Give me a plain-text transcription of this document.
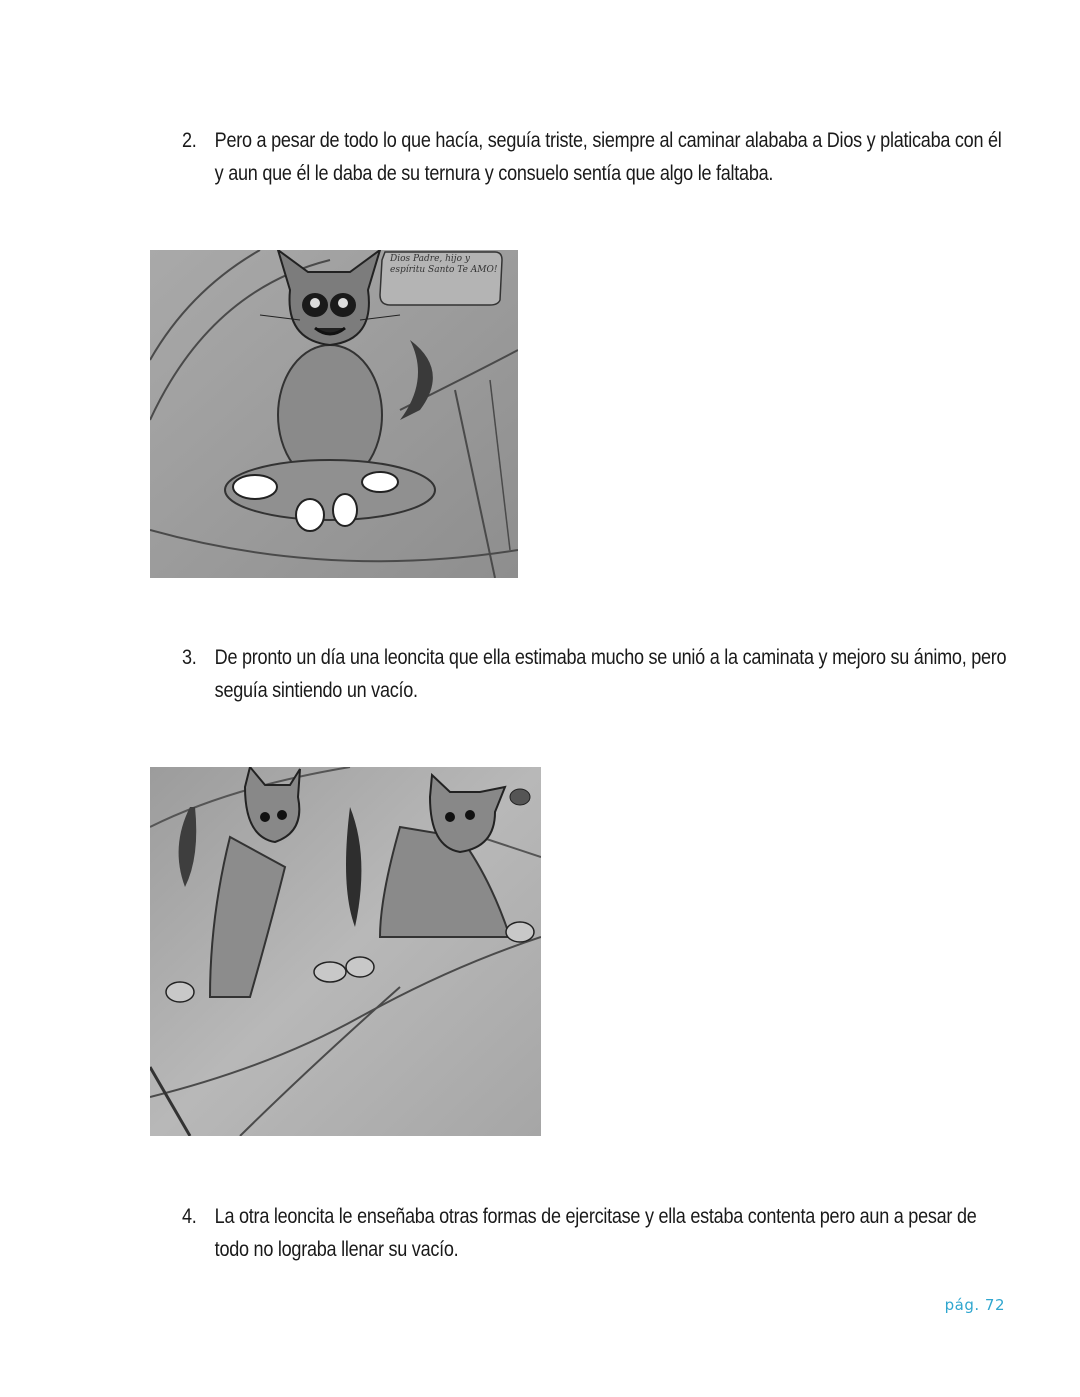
2. Pero a pesar de todo lo que hacía, seguía triste, siempre al caminar alababa a Dios y platicaba con él y aun que él le daba de su ternura y consuelo sentía que algo le faltaba.
Dios Padre, hijo y espíritu Santo Te AMO!
3. De pronto un día una leoncita que ella estimaba mucho se unió a la caminata y mejoro su ánimo, pero seguía sintiendo un vacío.
4. La otra leoncita le enseñaba otras formas de ejercitase y ella estaba contenta pero aun a pesar de todo no lograba llenar su vacío.
pág. 72
